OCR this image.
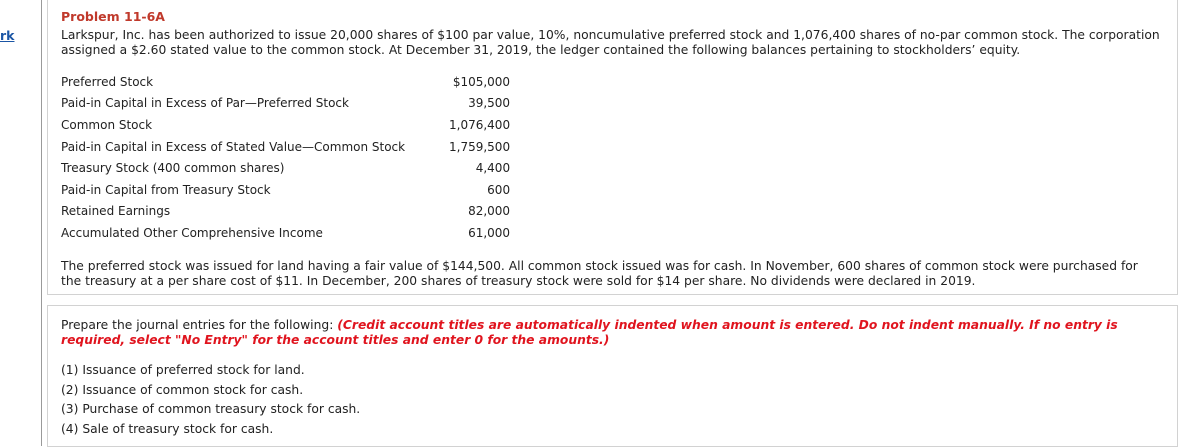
rk
Problem 11-6A
Larkspur, Inc. has been authorized to issue 20,000 shares of $100 par value, 10%, noncumulative preferred stock and 1,076,400 shares of no-par common stock. The corporation assigned a $2.60 stated value to the common stock. At December 31, 2019, the ledger contained the following balances pertaining to stockholders’ equity.
Preferred Stock	$105,000
Paid-in Capital in Excess of Par—Preferred Stock	39,500
Common Stock	1,076,400
Paid-in Capital in Excess of Stated Value—Common Stock	1,759,500
Treasury Stock (400 common shares)	4,400
Paid-in Capital from Treasury Stock	600
Retained Earnings	82,000
Accumulated Other Comprehensive Income	61,000
The preferred stock was issued for land having a fair value of $144,500. All common stock issued was for cash. In November, 600 shares of common stock were purchased for the treasury at a per share cost of $11. In December, 200 shares of treasury stock were sold for $14 per share. No dividends were declared in 2019.
Prepare the journal entries for the following: (Credit account titles are automatically indented when amount is entered. Do not indent manually. If no entry is required, select "No Entry" for the account titles and enter 0 for the amounts.)
(1) Issuance of preferred stock for land.
(2) Issuance of common stock for cash.
(3) Purchase of common treasury stock for cash.
(4) Sale of treasury stock for cash.
